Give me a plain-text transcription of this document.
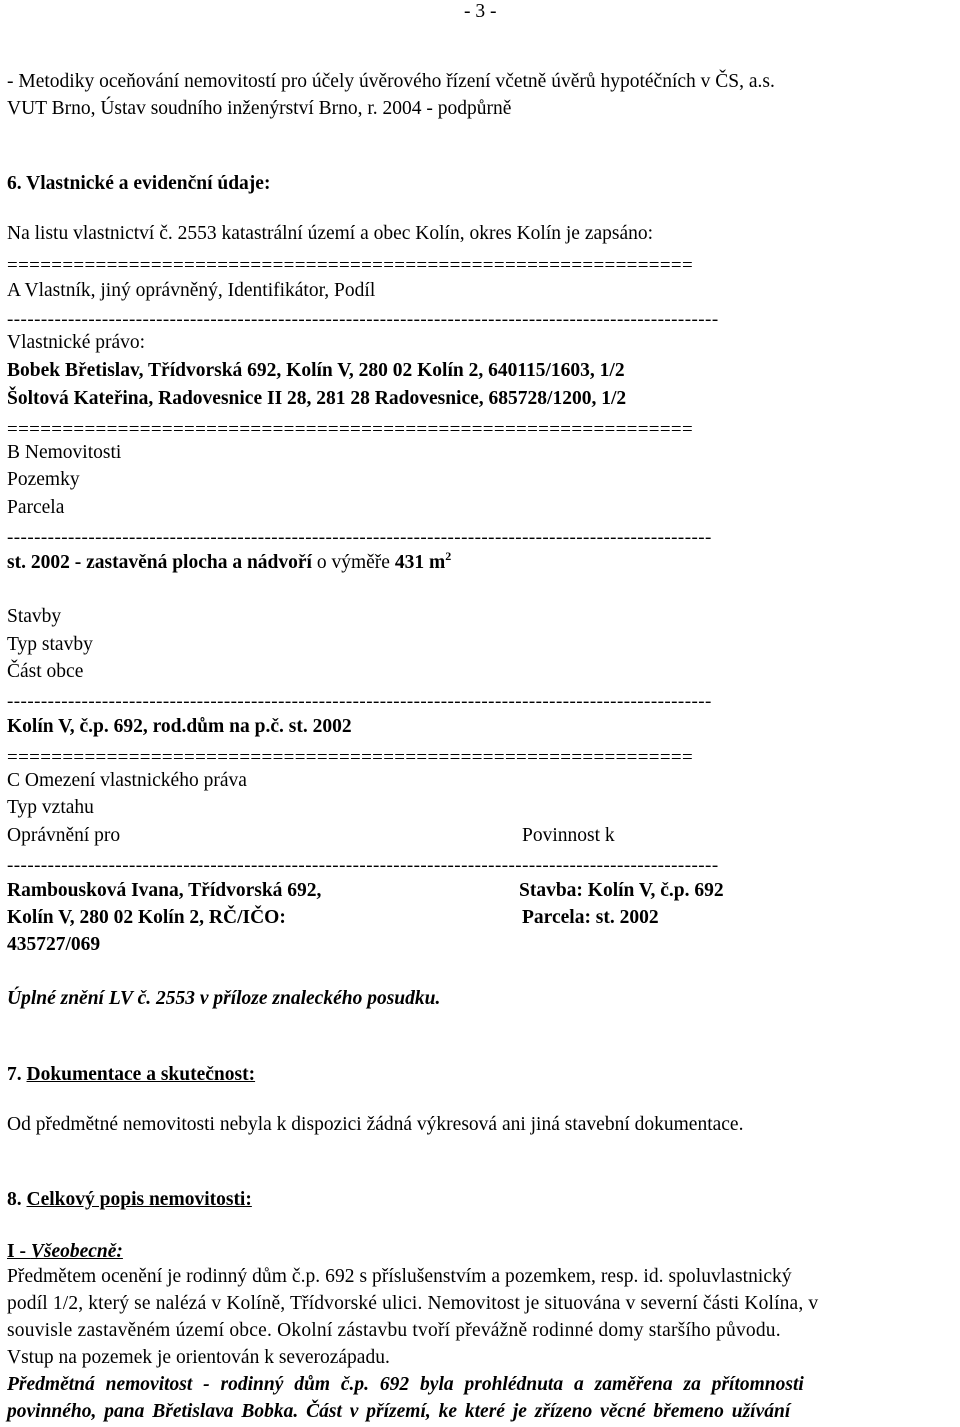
- 3 -
- Metodiky oceňování nemovitostí pro účely úvěrového řízení včetně úvěrů hypotéčních v ČS, a.s.
VUT Brno, Ústav soudního inženýrství Brno, r. 2004 - podpůrně
6. Vlastnické a evidenční údaje:
Na listu vlastnictví č. 2553 katastrální území a obec Kolín, okres Kolín je zapsáno:
==============================================================
A Vlastník, jiný oprávněný, Identifikátor, Podíl
---------------------------------------------------------------------------------------------------------
Vlastnické právo:
Bobek Břetislav, Třídvorská 692, Kolín V, 280 02 Kolín 2, 640115/1603, 1/2
Šoltová Kateřina, Radovesnice II 28, 281 28 Radovesnice, 685728/1200, 1/2
==============================================================
B Nemovitosti
Pozemky
Parcela
--------------------------------------------------------------------------------------------------------
st. 2002 - zastavěná plocha a nádvoří o výměře 431 $m^2$
Stavby
Typ stavby
Část obce
--------------------------------------------------------------------------------------------------------
Kolín V, č.p. 692, rod.dům na p.č. st. 2002
==============================================================
C Omezení vlastnického práva
Typ vztahu
Oprávnění pro	Povinnost k
---------------------------------------------------------------------------------------------------------
Rambousková Ivana, Třídvorská 692,	Stavba: Kolín V, č.p. 692
Kolín V, 280 02 Kolín 2, RČ/IČO:	Parcela: st. 2002
435727/069
Úplné znění LV č. 2553 v příloze znaleckého posudku.
7. Dokumentace a skutečnost:
Od předmětné nemovitosti nebyla k dispozici žádná výkresová ani jiná stavební dokumentace.
8. Celkový popis nemovitosti:
I - Všeobecně:
Předmětem ocenění je rodinný dům č.p. 692 s příslušenstvím a pozemkem, resp. id. spoluvlastnický
podíl 1/2, který se nalézá v Kolíně, Třídvorské ulici. Nemovitost je situována v severní části Kolína, v
souvisle zastavěném území obce. Okolní zástavbu tvoří převážně rodinné domy staršího původu.
Vstup na pozemek je orientován k severozápadu.
Předmětná nemovitost - rodinný dům č.p. 692 byla prohlédnuta a zaměřena za přítomnosti
povinného, pana Břetislava Bobka. Část v přízemí, ke které je zřízeno věcné břemeno užívání
